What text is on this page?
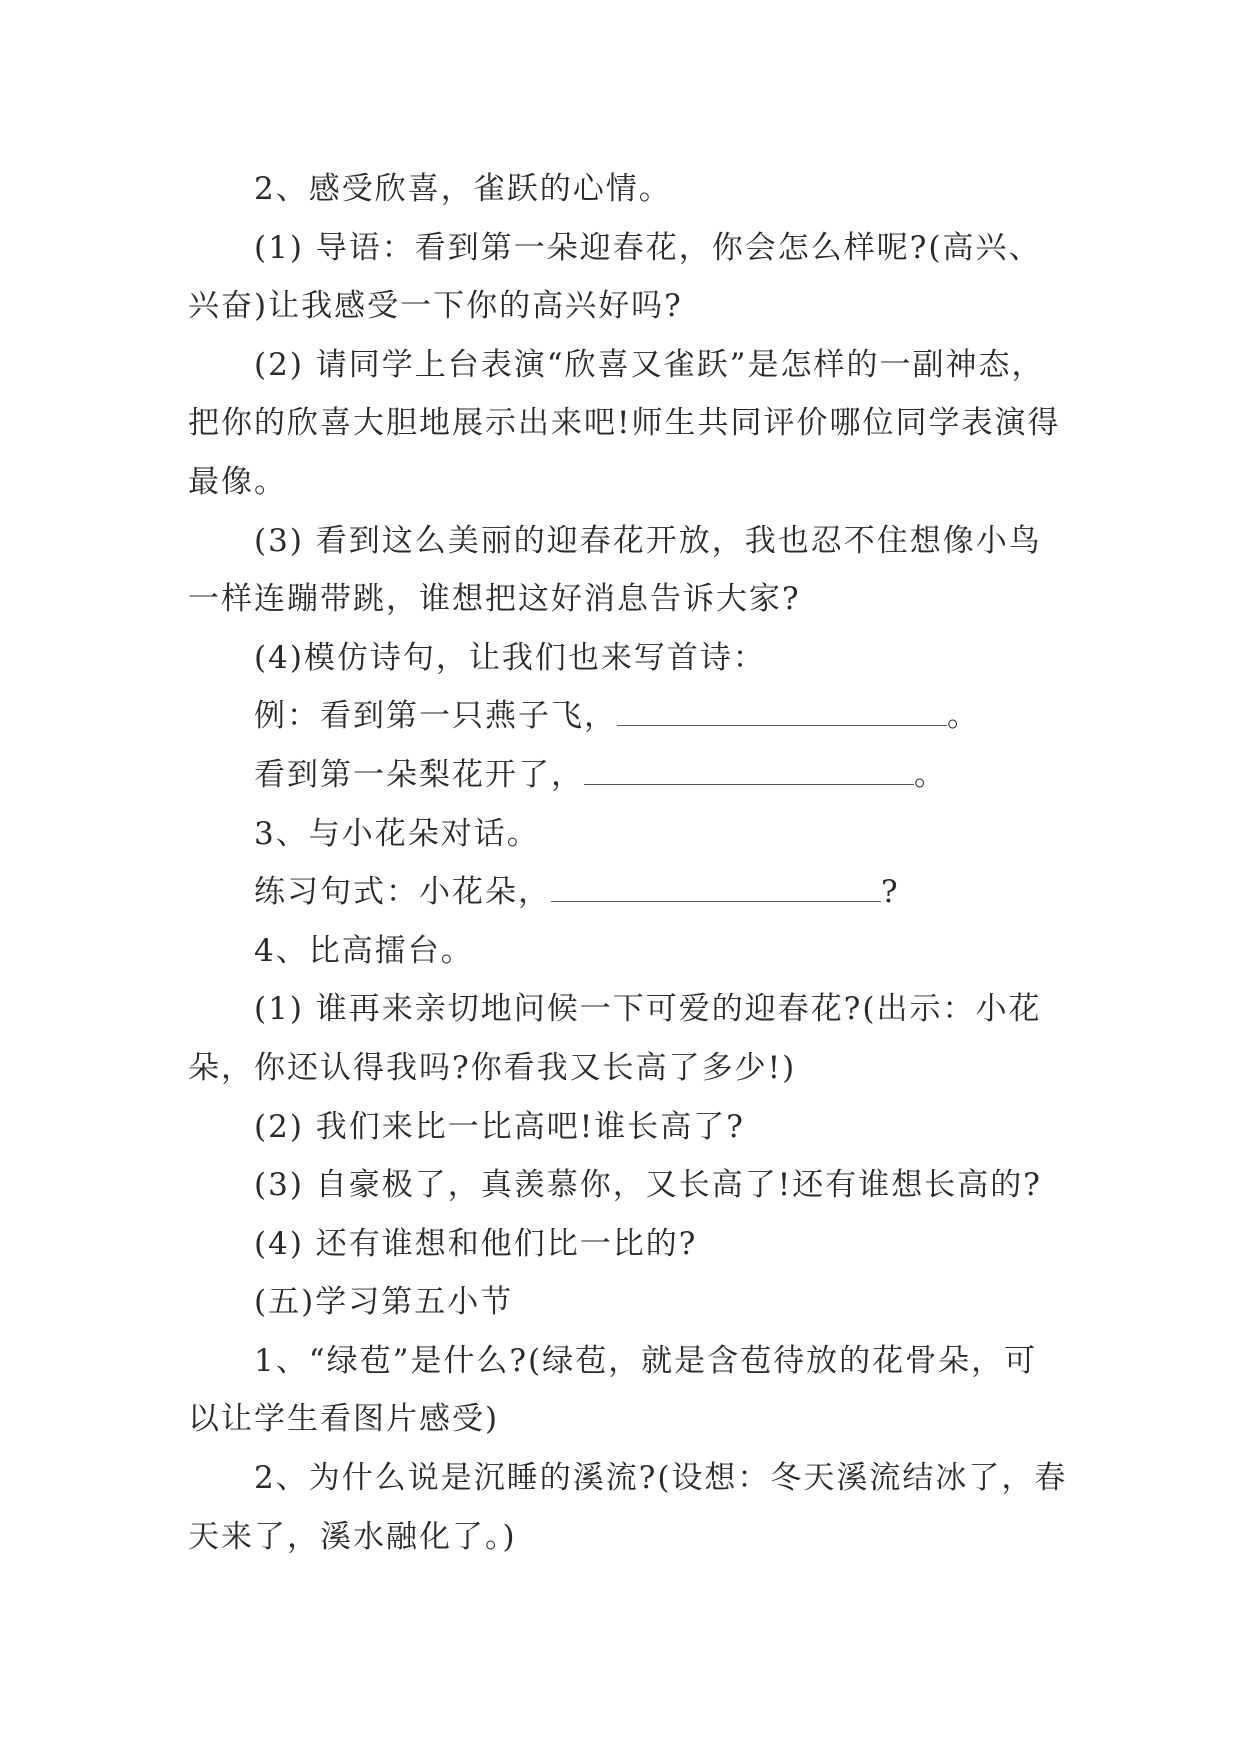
2、感受欣喜，雀跃的心情。

(1) 导语：看到第一朵迎春花，你会怎么样呢?(高兴、兴奋)让我感受一下你的高兴好吗?

(2) 请同学上台表演“欣喜又雀跃”是怎样的一副神态，把你的欣喜大胆地展示出来吧!师生共同评价哪位同学表演得最像。

(3) 看到这么美丽的迎春花开放，我也忍不住想像小鸟一样连蹦带跳，谁想把这好消息告诉大家?

(4)模仿诗句，让我们也来写首诗：

例：看到第一只燕子飞，	。

看到第一朵梨花开了，	。

3、与小花朵对话。

练习句式：小花朵，	?

4、比高擂台。

(1) 谁再来亲切地问候一下可爱的迎春花?(出示：小花朵，你还认得我吗?你看我又长高了多少!)

(2) 我们来比一比高吧!谁长高了?

(3) 自豪极了，真羡慕你，又长高了!还有谁想长高的?

(4) 还有谁想和他们比一比的?

(五)学习第五小节

1、“绿苞”是什么?(绿苞，就是含苞待放的花骨朵，可以让学生看图片感受)

2、为什么说是沉睡的溪流?(设想：冬天溪流结冰了，春天来了，溪水融化了。)
